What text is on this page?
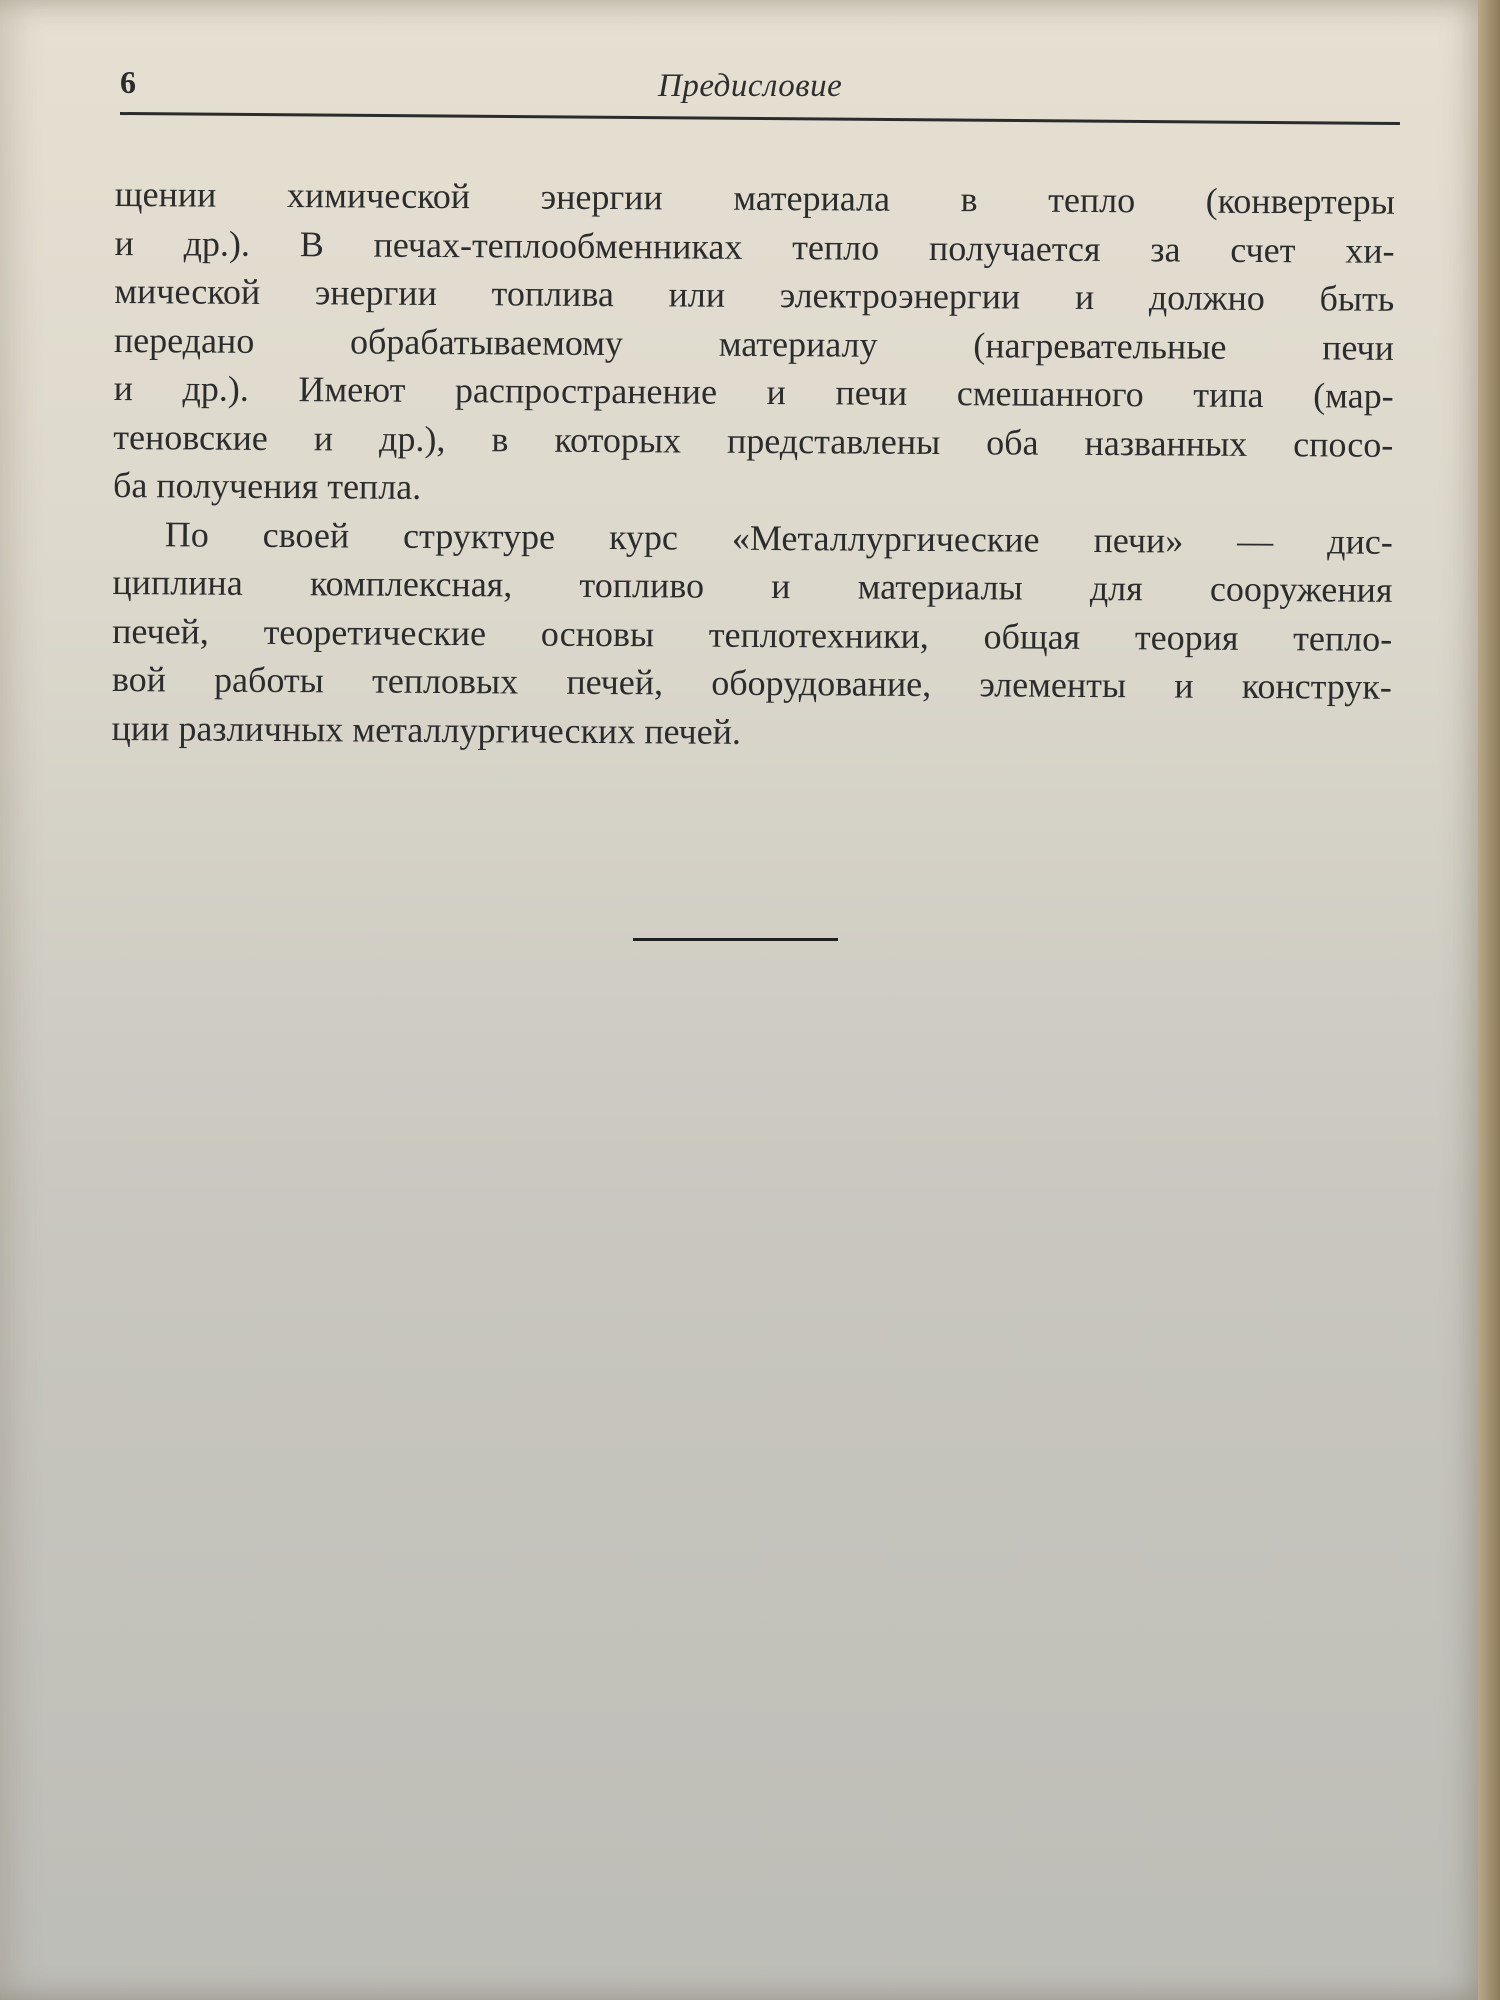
6	Предисловие
щении химической энергии материала в тепло (конвертеры
и др.). В печах-теплообменниках тепло получается за счет хи-
мической энергии топлива или электроэнергии и должно быть
передано обрабатываемому материалу (нагревательные печи
и др.). Имеют распространение и печи смешанного типа (мар-
теновские и др.), в которых представлены оба названных спосо-
ба получения тепла.
По своей структуре курс «Металлургические печи» — дис-
циплина комплексная, топливо и материалы для сооружения
печей, теоретические основы теплотехники, общая теория тепло-
вой работы тепловых печей, оборудование, элементы и конструк-
ции различных металлургических печей.
